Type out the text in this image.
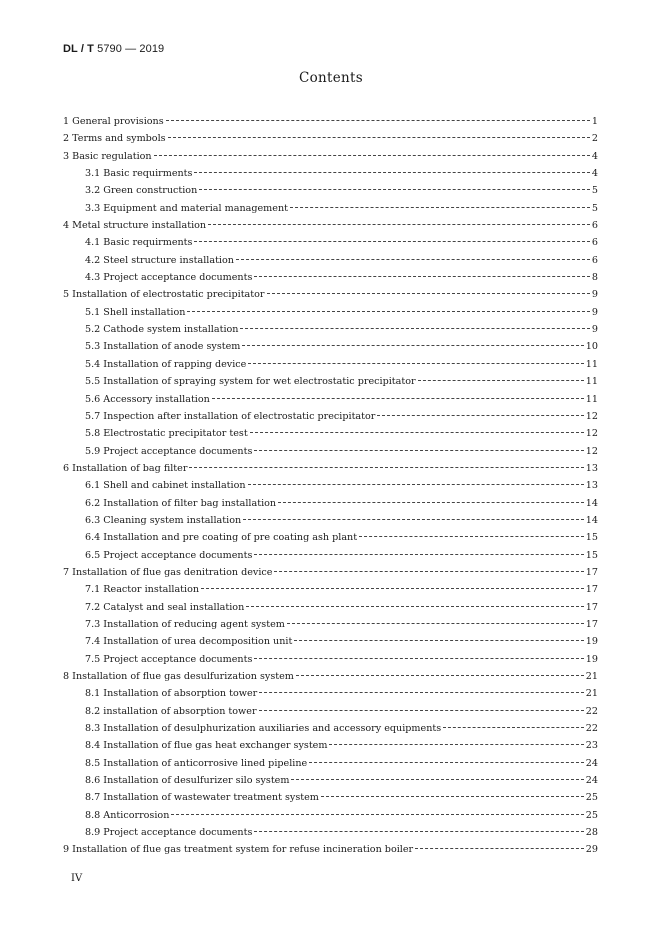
DL / T 5790 — 2019
Contents
1 General provisions	1
2 Terms and symbols	2
3 Basic regulation	4
3.1 Basic requirments	4
3.2 Green construction	5
3.3 Equipment and material management	5
4 Metal structure installation	6
4.1 Basic requirments	6
4.2 Steel structure installation	6
4.3 Project acceptance documents	8
5 Installation of electrostatic precipitator	9
5.1 Shell installation	9
5.2 Cathode system installation	9
5.3 Installation of anode system	10
5.4 Installation of rapping device	11
5.5 Installation of spraying system for wet electrostatic precipitator	11
5.6 Accessory installation	11
5.7 Inspection after installation of electrostatic precipitator	12
5.8 Electrostatic precipitator test	12
5.9 Project acceptance documents	12
6 Installation of bag filter	13
6.1 Shell and cabinet installation	13
6.2 Installation of filter bag installation	14
6.3 Cleaning system installation	14
6.4 Installation and pre coating of pre coating ash plant	15
6.5 Project acceptance documents	15
7 Installation of flue gas denitration device	17
7.1 Reactor installation	17
7.2 Catalyst and seal installation	17
7.3 Installation of reducing agent system	17
7.4 Installation of urea decomposition unit	19
7.5 Project acceptance documents	19
8 Installation of flue gas desulfurization system	21
8.1 Installation of absorption tower	21
8.2 installation of absorption tower	22
8.3 Installation of desulphurization auxiliaries and accessory equipments	22
8.4 Installation of flue gas heat exchanger system	23
8.5 Installation of anticorrosive lined pipeline	24
8.6 Installation of desulfurizer silo system	24
8.7 Installation of wastewater treatment system	25
8.8 Anticorrosion	25
8.9 Project acceptance documents	28
9 Installation of flue gas treatment system for refuse incineration boiler	29
IV
